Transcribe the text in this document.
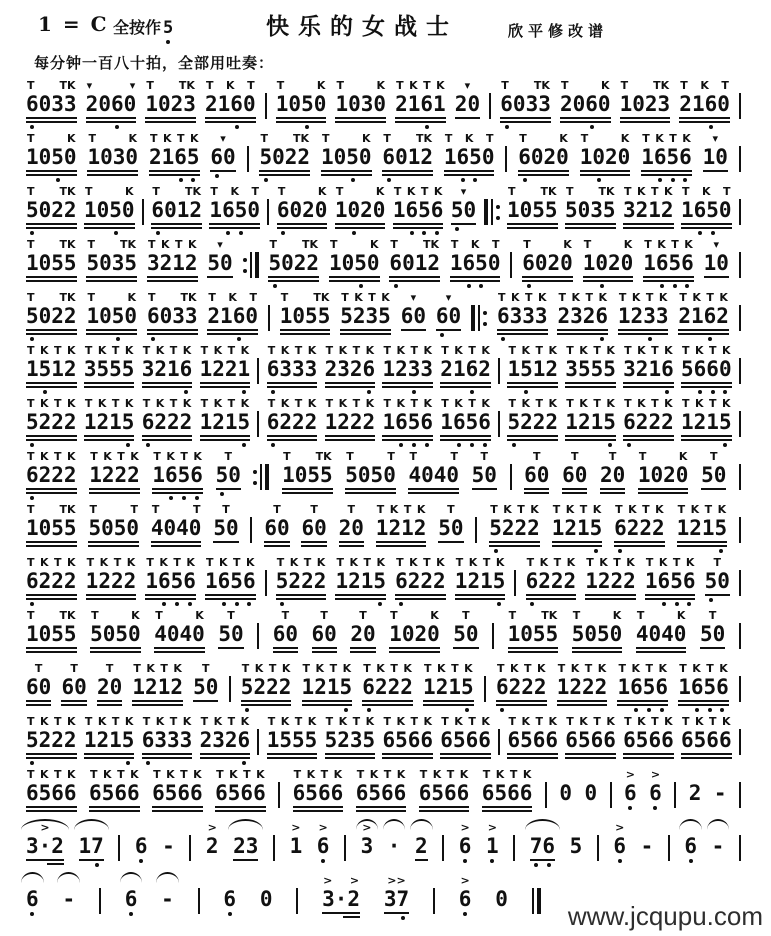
1 = C 全按作 5	快乐的女战士	欣平修改谱
每分钟一百八十拍，全部用吐奏：
T TK
6033
▾	▾
2060
T TK
1023
T K T
2160
T	K
1050
T	K
1030
T K T K
2161
▾
20
T TK
6033
T	K
2060
T TK
1023
T K T
2160
T	K
1050
T	K
1030
T K T K
2165
▾
60
T TK
5022
T	K
1050
T TK
6012
T K T
1650
T	K
6020
T	K
1020
T K T K
1656
▾
10
T TK
5022
T	K
1050
T TK
6012
T K T
1650
T	K
6020
T	K
1020
T K T K
1656
▾
50
T TK
1055
T TK
5035
T K T K
3212
T K T
1650
T TK
1055
T TK
5035
T K T K
3212
▾
50
T TK
5022
T	K
1050
T TK
6012
T K T
1650
T	K
6020
T	K
1020
T K T K
1656
▾
10
T TK
5022
T	K
1050
T TK
6033
T K T
2160
T TK
1055
T K T K
5235
▾
60
▾
60
T K T K
6333
T K T K
2326
T K T K
1233
T K T K
2162
T K T K
1512
T K T K
3555
T K T K
3216
T K T K
1221
T K T K
6333
T K T K
2326
T K T K
1233
T K T K
2162
T K T K
1512
T K T K
3555
T K T K
3216
T K T K
5660
T K T K
5222
T K T K
1215
T K T K
6222
T K T K
1215
T K T K
6222
T K T K
1222
T K T K
1656
T K T K
1656
T K T K
5222
T K T K
1215
T K T K
6222
T K T K
1215
T K T K
6222
T K T K
1222
T K T K
1656
T
50
T TK
1055
T	T
5050
T	T
4040
T
50
T
60
T
60
T
20
T	K
1020
T
50
T TK
1055
T	T
5050
T	T
4040
T
50
T
60
T
60
T
20
T K T K
1212
T
50
T K T K
5222
T K T K
1215
T K T K
6222
T K T K
1215
T K T K
6222
T K T K
1222
T K T K
1656
T K T K
1656
T K T K
5222
T K T K
1215
T K T K
6222
T K T K
1215
T K T K
6222
T K T K
1222
T K T K
1656
T
50
T TK
1055
T	K
5050
T	K
4040
T
50
T
60
T
60
T
20
T	K
1020
T
50
T TK
1055
T	K
5050
T	K
4040
T
50
T
60
T
60
T
20
T K T K
1212
T
50
T K T K
5222
T K T K
1215
T K T K
6222
T K T K
1215
T K T K
6222
T K T K
1222
T K T K
1656
T K T K
1656
T K T K
5222
T K T K
1215
T K T K
6333
T K T K
2326
T K T K
1555
T K T K
5235
T K T K
6566
T K T K
6566
T K T K
6566
T K T K
6566
T K T K
6566
T K T K
6566
T K T K
6566
T K T K
6566
T K T K
6566
T K T K
6566
T K T K
6566
T K T K
6566
T K T K
6566
T K T K
6566 0 0
>
6
>
6 2 -
>
3·2 17 6 -
>
2 23
>
1
>
6
>
3 · 2
>
6
>
1 76 5
>
6 - 6 -
6 - 6 - 6 0
> >
3·2
>>
37
>
6 0
www.jcqupu.com
